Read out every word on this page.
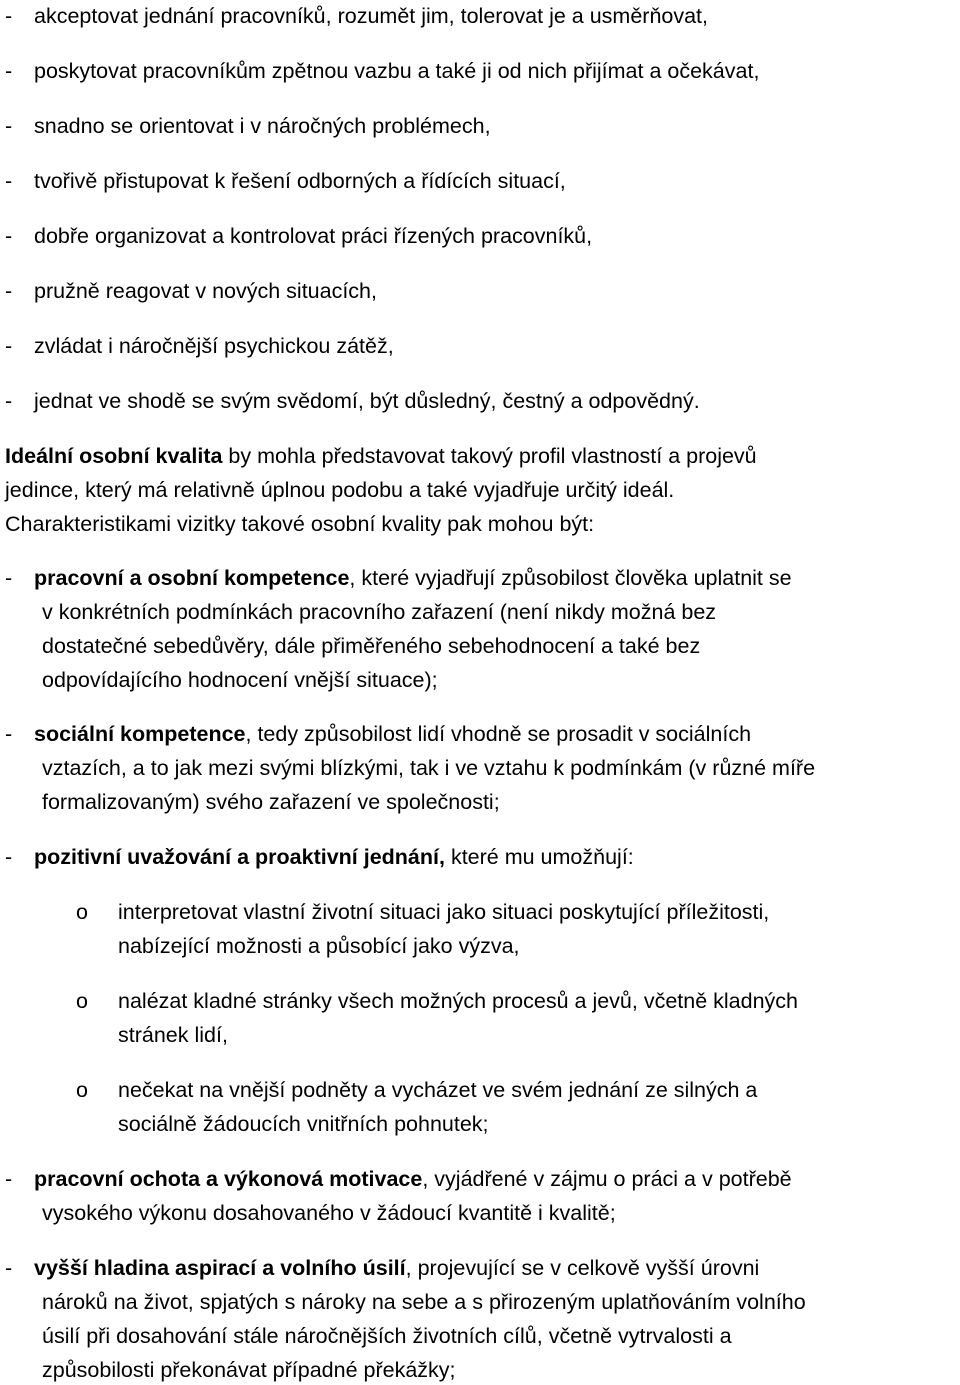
- akceptovat jednání pracovníků, rozumět jim, tolerovat je a usměrňovat,
- poskytovat pracovníkům zpětnou vazbu a také ji od nich přijímat a očekávat,
- snadno se orientovat i v náročných problémech,
- tvořivě přistupovat k řešení odborných a řídících situací,
- dobře organizovat a kontrolovat práci řízených pracovníků,
- pružně reagovat v nových situacích,
- zvládat i náročnější psychickou zátěž,
- jednat ve shodě se svým svědomí, být důsledný, čestný a odpovědný.
Ideální osobní kvalita by mohla představovat takový profil vlastností a projevů
jedince, který má relativně úplnou podobu a také vyjadřuje určitý ideál.
Charakteristikami vizitky takové osobní kvality pak mohou být:
- pracovní a osobní kompetence, které vyjadřují způsobilost člověka uplatnit se
v konkrétních podmínkách pracovního zařazení (není nikdy možná bez
dostatečné sebedůvěry, dále přiměřeného sebehodnocení a také bez
odpovídajícího hodnocení vnější situace);
- sociální kompetence, tedy způsobilost lidí vhodně se prosadit v sociálních
vztazích, a to jak mezi svými blízkými, tak i ve vztahu k podmínkám (v různé míře
formalizovaným) svého zařazení ve společnosti;
- pozitivní uvažování a proaktivní jednání, které mu umožňují:
o interpretovat vlastní životní situaci jako situaci poskytující příležitosti,
nabízející možnosti a působící jako výzva,
o nalézat kladné stránky všech možných procesů a jevů, včetně kladných
stránek lidí,
o nečekat na vnější podněty a vycházet ve svém jednání ze silných a
sociálně žádoucích vnitřních pohnutek;
- pracovní ochota a výkonová motivace, vyjádřené v zájmu o práci a v potřebě
vysokého výkonu dosahovaného v žádoucí kvantitě i kvalitě;
- vyšší hladina aspirací a volního úsilí, projevující se v celkově vyšší úrovni
nároků na život, spjatých s nároky na sebe a s přirozeným uplatňováním volního
úsilí při dosahování stále náročnějších životních cílů, včetně vytrvalosti a
způsobilosti překonávat případné překážky;
